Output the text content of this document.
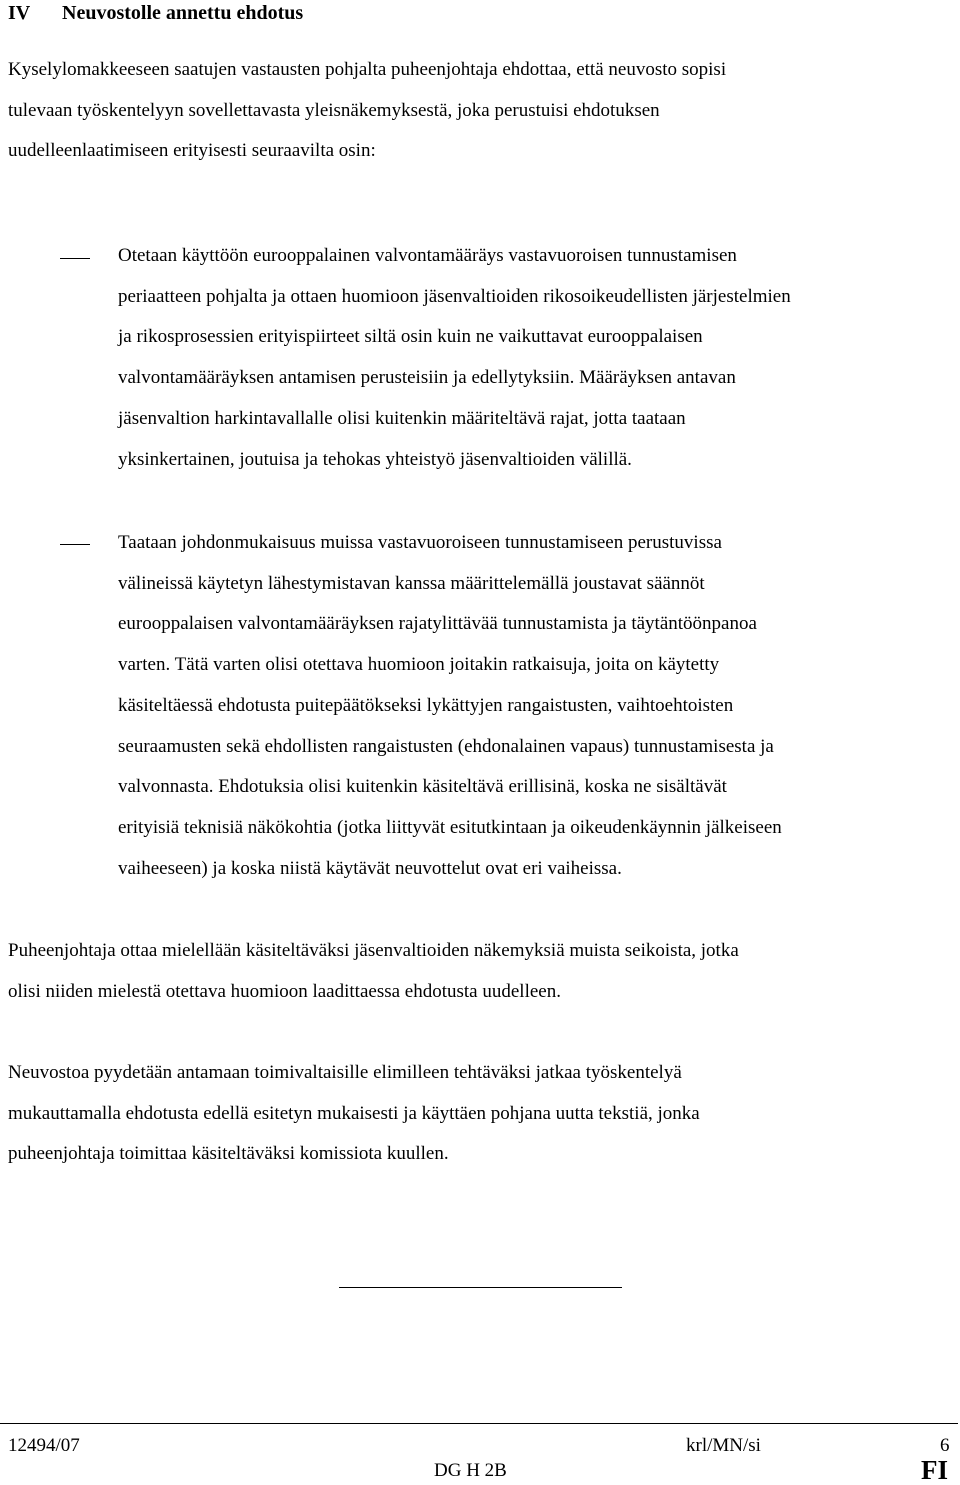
IV Neuvostolle annettu ehdotus
Kyselylomakkeeseen saatujen vastausten pohjalta puheenjohtaja ehdottaa, että neuvosto sopisi
tulevaan työskentelyyn sovellettavasta yleisnäkemyksestä, joka perustuisi ehdotuksen
uudelleenlaatimiseen erityisesti seuraavilta osin:
Otetaan käyttöön eurooppalainen valvontamääräys vastavuoroisen tunnustamisen
periaatteen pohjalta ja ottaen huomioon jäsenvaltioiden rikosoikeudellisten järjestelmien
ja rikosprosessien erityispiirteet siltä osin kuin ne vaikuttavat eurooppalaisen
valvontamääräyksen antamisen perusteisiin ja edellytyksiin. Määräyksen antavan
jäsenvaltion harkintavallalle olisi kuitenkin määriteltävä rajat, jotta taataan
yksinkertainen, joutuisa ja tehokas yhteistyö jäsenvaltioiden välillä.
Taataan johdonmukaisuus muissa vastavuoroiseen tunnustamiseen perustuvissa
välineissä käytetyn lähestymistavan kanssa määrittelemällä joustavat säännöt
eurooppalaisen valvontamääräyksen rajatylittävää tunnustamista ja täytäntöönpanoa
varten. Tätä varten olisi otettava huomioon joitakin ratkaisuja, joita on käytetty
käsiteltäessä ehdotusta puitepäätökseksi lykättyjen rangaistusten, vaihtoehtoisten
seuraamusten sekä ehdollisten rangaistusten (ehdonalainen vapaus) tunnustamisesta ja
valvonnasta. Ehdotuksia olisi kuitenkin käsiteltävä erillisinä, koska ne sisältävät
erityisiä teknisiä näkökohtia (jotka liittyvät esitutkintaan ja oikeudenkäynnin jälkeiseen
vaiheeseen) ja koska niistä käytävät neuvottelut ovat eri vaiheissa.
Puheenjohtaja ottaa mielellään käsiteltäväksi jäsenvaltioiden näkemyksiä muista seikoista, jotka
olisi niiden mielestä otettava huomioon laadittaessa ehdotusta uudelleen.
Neuvostoa pyydetään antamaan toimivaltaisille elimilleen tehtäväksi jatkaa työskentelyä
mukauttamalla ehdotusta edellä esitetyn mukaisesti ja käyttäen pohjana uutta tekstiä, jonka
puheenjohtaja toimittaa käsiteltäväksi komissiota kuullen.
12494/07	krl/MN/si	6
DG H 2B	FI
